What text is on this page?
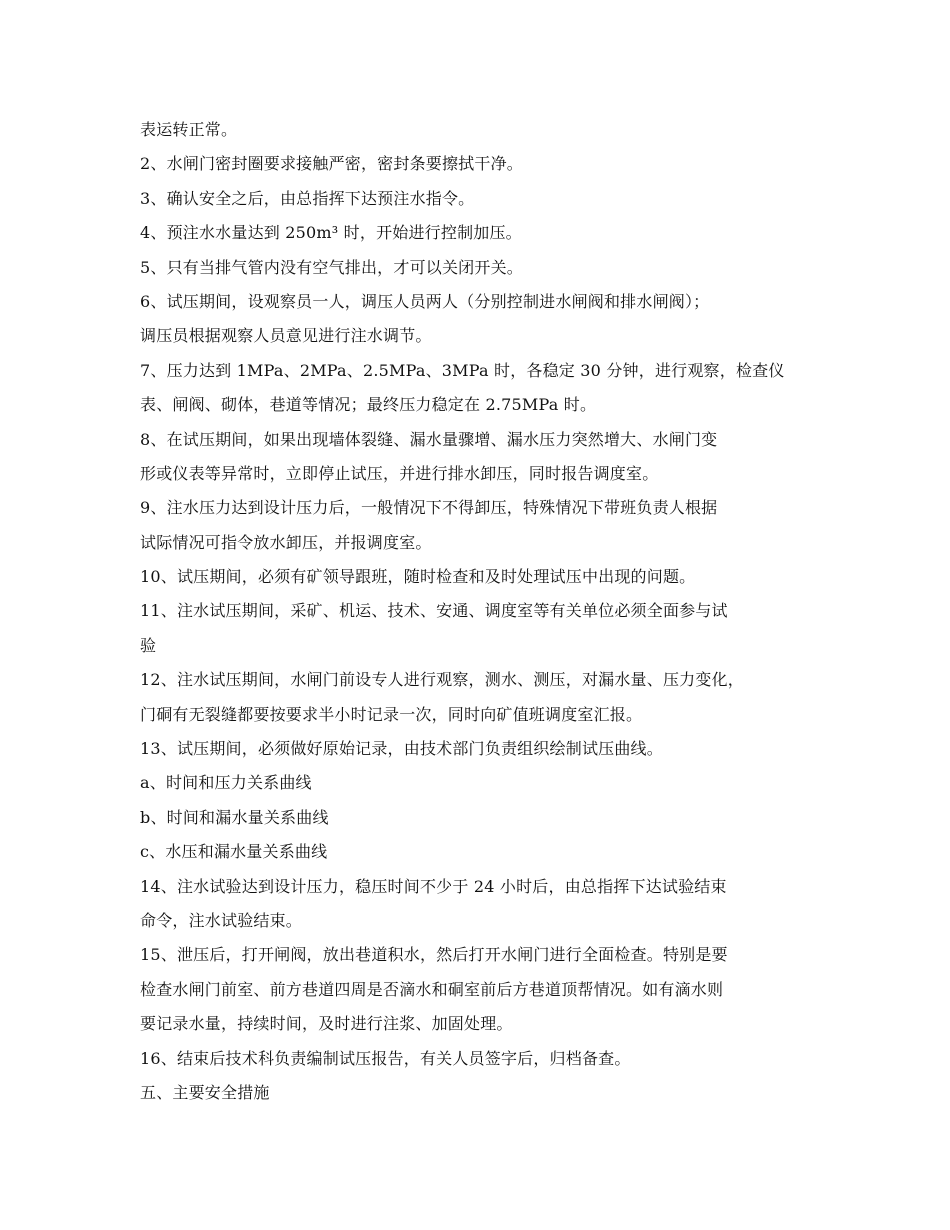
表运转正常。
2、水闸门密封圈要求接触严密，密封条要擦拭干净。
3、确认安全之后，由总指挥下达预注水指令。
4、预注水水量达到 250m³ 时，开始进行控制加压。
5、只有当排气管内没有空气排出，才可以关闭开关。
6、试压期间，设观察员一人，调压人员两人（分别控制进水闸阀和排水闸阀）；
调压员根据观察人员意见进行注水调节。
7、压力达到 1MPa、2MPa、2.5MPa、3MPa 时，各稳定 30 分钟，进行观察，检查仪
表、闸阀、砌体，巷道等情况；最终压力稳定在 2.75MPa 时。
8、在试压期间，如果出现墙体裂缝、漏水量骤增、漏水压力突然增大、水闸门变
形或仪表等异常时，立即停止试压，并进行排水卸压，同时报告调度室。
9、注水压力达到设计压力后，一般情况下不得卸压，特殊情况下带班负责人根据
试际情况可指令放水卸压，并报调度室。
10、试压期间，必须有矿领导跟班，随时检查和及时处理试压中出现的问题。
11、注水试压期间，采矿、机运、技术、安通、调度室等有关单位必须全面参与试
验
12、注水试压期间，水闸门前设专人进行观察，测水、测压，对漏水量、压力变化，
门硐有无裂缝都要按要求半小时记录一次，同时向矿值班调度室汇报。
13、试压期间，必须做好原始记录，由技术部门负责组织绘制试压曲线。
a、时间和压力关系曲线
b、时间和漏水量关系曲线
c、水压和漏水量关系曲线
14、注水试验达到设计压力，稳压时间不少于 24 小时后，由总指挥下达试验结束
命令，注水试验结束。
15、泄压后，打开闸阀，放出巷道积水，然后打开水闸门进行全面检查。特别是要
检查水闸门前室、前方巷道四周是否滴水和硐室前后方巷道顶帮情况。如有滴水则
要记录水量，持续时间，及时进行注浆、加固处理。
16、结束后技术科负责编制试压报告，有关人员签字后，归档备查。
五、主要安全措施
